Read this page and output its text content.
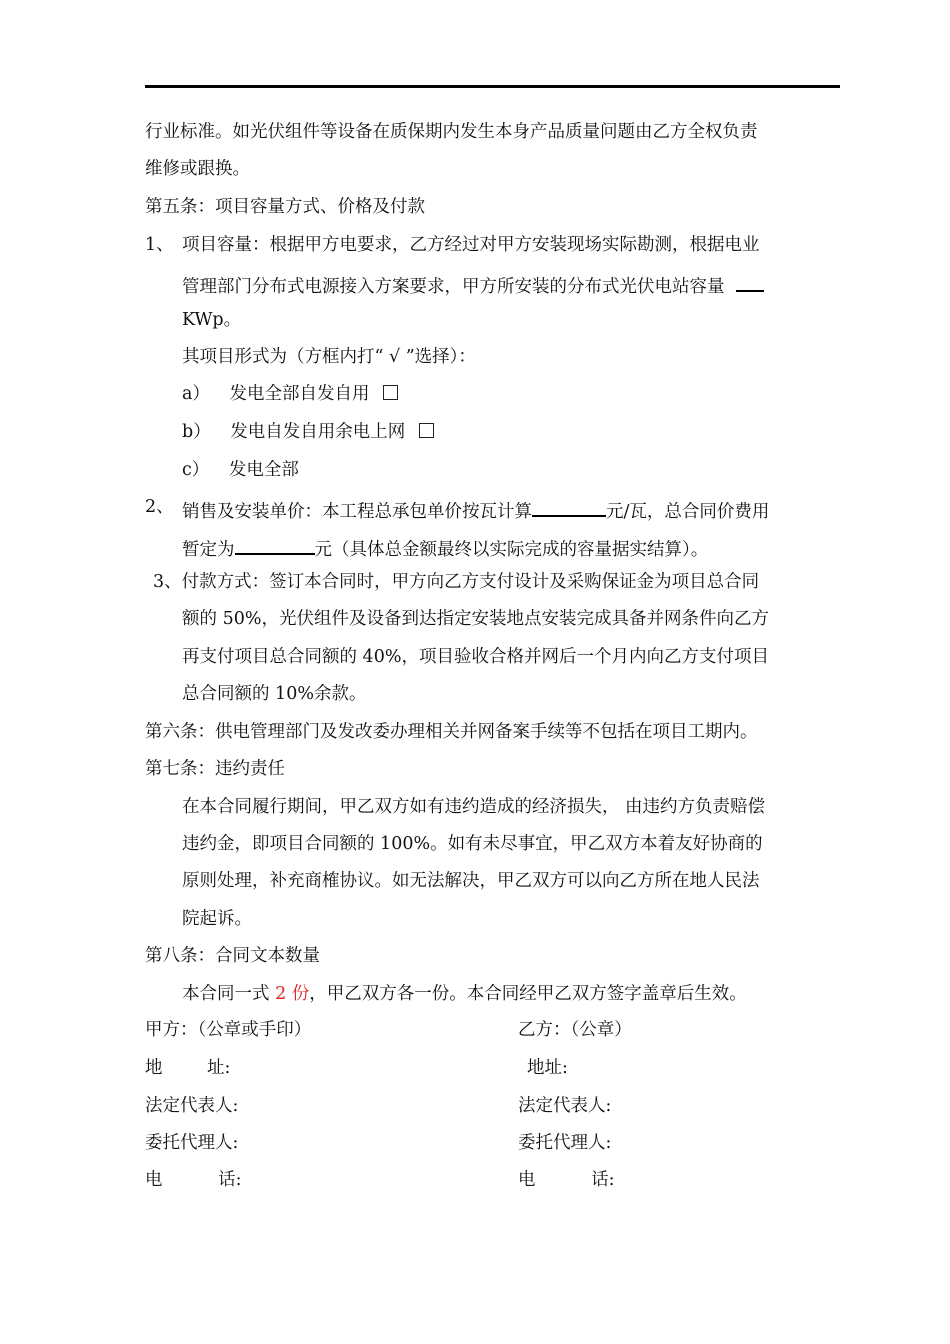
行业标准。如光伏组件等设备在质保期内发生本身产品质量问题由乙方全权负责
维修或跟换。
第五条：项目容量方式、价格及付款
1、 项目容量：根据甲方电要求，乙方经过对甲方安装现场实际勘测，根据电业
管理部门分布式电源接入方案要求，甲方所安装的分布式光伏电站容量
KWp。
其项目形式为（方框内打“ √ ”选择）：
a） 发电全部自发自用
b） 发电自发自用余电上网
c） 发电全部
2、 销售及安装单价：本工程总承包单价按瓦计算	元/瓦，总合同价费用
暂定为	元（具体总金额最终以实际完成的容量据实结算）。
3、付款方式：签订本合同时，甲方向乙方支付设计及采购保证金为项目总合同
额的 50%，光伏组件及设备到达指定安装地点安装完成具备并网条件向乙方
再支付项目总合同额的 40%，项目验收合格并网后一个月内向乙方支付项目
总合同额的 10%余款。
第六条：供电管理部门及发改委办理相关并网备案手续等不包括在项目工期内。
第七条：违约责任
在本合同履行期间，甲乙双方如有违约造成的经济损失， 由违约方负责赔偿
违约金，即项目合同额的 100%。如有未尽事宜，甲乙双方本着友好协商的
原则处理，补充商榷协议。如无法解决，甲乙双方可以向乙方所在地人民法
院起诉。
第八条：合同文本数量
本合同一式 2 份，甲乙双方各一份。本合同经甲乙双方签字盖章后生效。
甲方：（公章或手印）	乙方：（公章）
地        址:	地址:
法定代表人:	法定代表人:
委托代理人:	委托代理人:
电          话:	电          话:
